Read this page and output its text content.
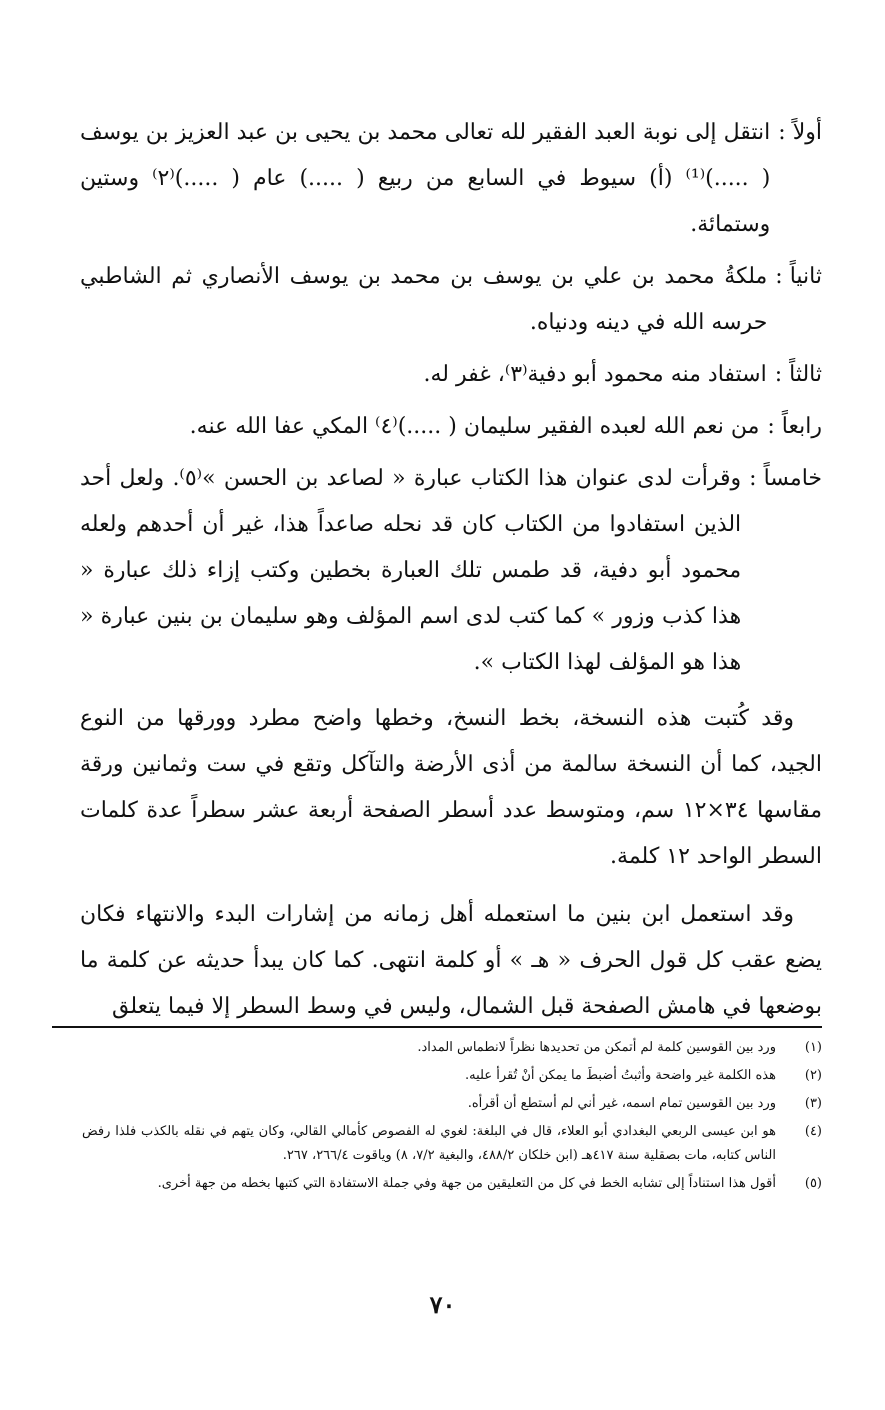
أولاً :
انتقل إلى نوبة العبد الفقير لله تعالى محمد بن يحيى بن عبد العزيز بن يوسف ( .....)⁽¹⁾ (أ) سيوط في السابع من ربيع ( .....) عام ( .....)⁽٢⁾ وستين وستمائة.
ثانياً :
ملكةُ محمد بن علي بن يوسف بن محمد بن يوسف الأنصاري ثم الشاطبي حرسه الله في دينه ودنياه.
ثالثاً :
استفاد منه محمود أبو دفية⁽٣⁾، غفر له.
رابعاً :
من نعم الله لعبده الفقير سليمان ( .....)⁽٤⁾ المكي عفا الله عنه.
خامساً :
وقرأت لدى عنوان هذا الكتاب عبارة « لصاعد بن الحسن »⁽٥⁾. ولعل أحد الذين استفادوا من الكتاب كان قد نحله صاعداً هذا، غير أن أحدهم ولعله محمود أبو دفية، قد طمس تلك العبارة بخطين وكتب إزاء ذلك عبارة « هذا كذب وزور » كما كتب لدى اسم المؤلف وهو سليمان بن بنين عبارة « هذا هو المؤلف لهذا الكتاب ».

وقد كُتبت هذه النسخة، بخط النسخ، وخطها واضح مطرد وورقها من النوع الجيد، كما أن النسخة سالمة من أذى الأرضة والتآكل وتقع في ست وثمانين ورقة مقاسها ٣٤×١٢ سم، ومتوسط عدد أسطر الصفحة أربعة عشر سطراً عدة كلمات السطر الواحد ١٢ كلمة.

وقد استعمل ابن بنين ما استعمله أهل زمانه من إشارات البدء والانتهاء فكان يضع عقب كل قول الحرف « هـ » أو كلمة انتهى. كما كان يبدأ حديثه عن كلمة ما بوضعها في هامش الصفحة قبل الشمال، وليس في وسط السطر إلا فيما يتعلق

(١)
ورد بين القوسين كلمة لم أتمكن من تحديدها نظراً لانطماس المداد.
(٢)
هذه الكلمة غير واضحة وأثبتُ أضبطَ ما يمكن أنْ تُقرأ عليه.
(٣)
ورد بين القوسين تمام اسمه، غير أني لم أستطع أن أقرأه.
(٤)
هو ابن عيسى الربعي البغدادي أبو العلاء، قال في البلغة: لغوي له الفصوص كأمالي القالي، وكان يتهم في نقله بالكذب فلذا رفض الناس كتابه، مات بصقلية سنة ٤١٧هـ (ابن خلكان ٤٨٨/٢، والبغية ٧/٢، ٨) وياقوت ٢٦٦/٤، ٢٦٧.
(٥)
أقول هذا استناداً إلى تشابه الخط في كل من التعليقين من جهة وفي جملة الاستفادة التي كتبها بخطه من جهة أخرى.
٧٠
